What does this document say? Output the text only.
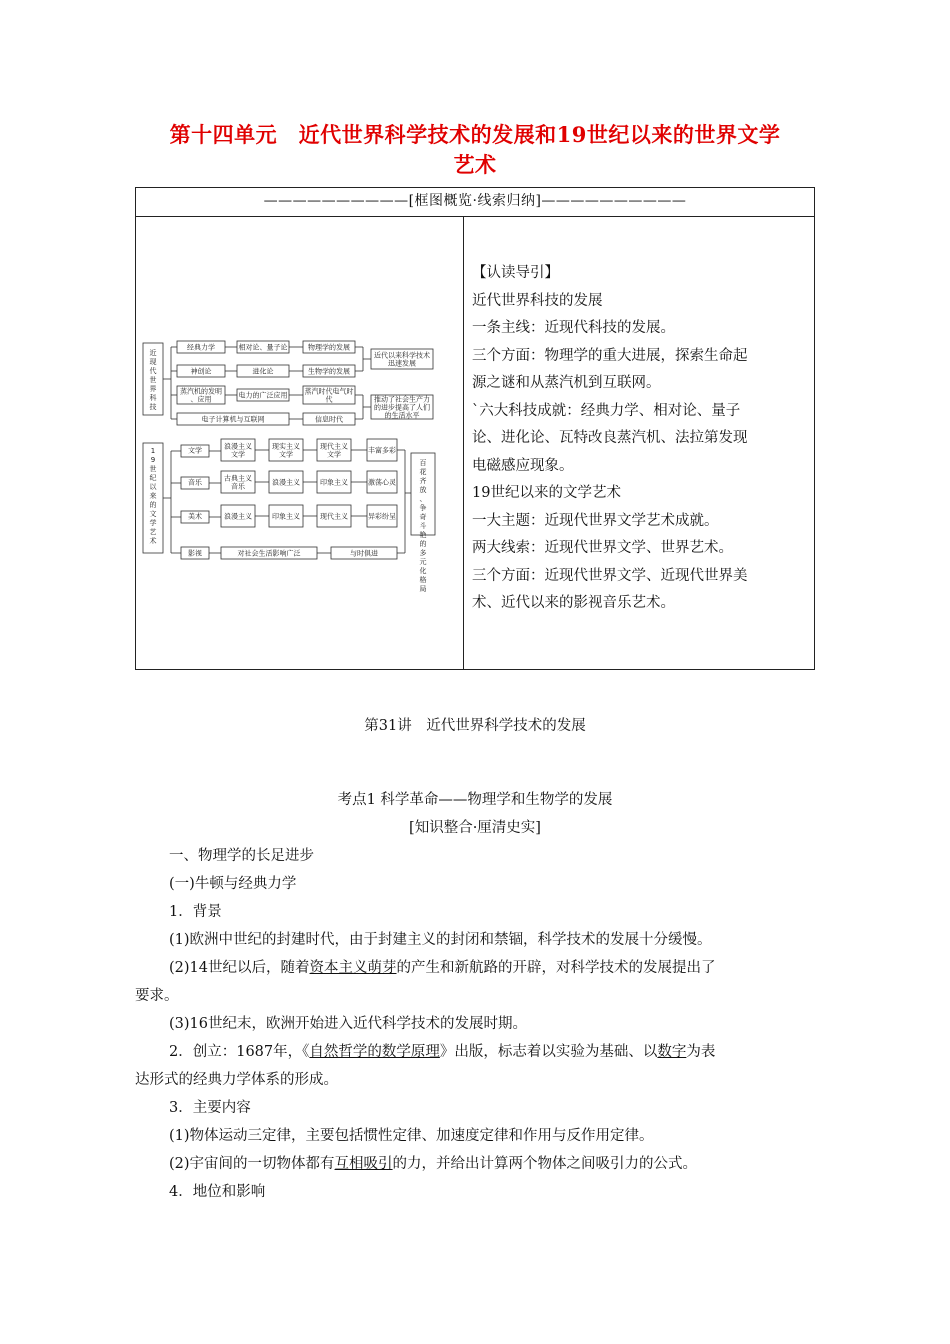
第十四单元　近代世界科学技术的发展和19世纪以来的世界文学
艺术
——————————[框图概览·线索归纳]——————————
近现代世界科技
1 9 世纪以来的文学艺术
经典力学	相对论、量子论	物理学的发展
神创论	进化论	生物学的发展
蒸汽机的发明、应用	电力的广泛应用 蒸汽时代电气时代
电子计算机与互联网	信息时代
近代以来科学技术迅速发展
推动了社会生产力的进步提高了人们的生活水平
文学	浪漫主义文学
现实主义文学
现代主义文学	丰富多彩
音乐	古典主义音乐	浪漫主义	印象主义	激荡心灵
美术	浪漫主义	印象主义	现代主义	异彩纷呈
影视	对社会生活影响广泛	与时俱进
百花齐放、争奇斗艳的多元化格局
【认读导引】
近代世界科技的发展
一条主线：近现代科技的发展。
三个方面：物理学的重大进展，探索生命起
源之谜和从蒸汽机到互联网。
`六大科技成就：经典力学、相对论、量子
论、进化论、瓦特改良蒸汽机、法拉第发现
电磁感应现象。
19世纪以来的文学艺术
一大主题：近现代世界文学艺术成就。
两大线索：近现代世界文学、世界艺术。
三个方面：近现代世界文学、近现代世界美
术、近代以来的影视音乐艺术。
第31讲　近代世界科学技术的发展
考点1 科学革命——物理学和生物学的发展
[知识整合·厘清史实]
一、物理学的长足进步
(一)牛顿与经典力学
1．背景
(1)欧洲中世纪的封建时代，由于封建主义的封闭和禁锢，科学技术的发展十分缓慢。
(2)14世纪以后，随着资本主义萌芽的产生和新航路的开辟，对科学技术的发展提出了
要求。
(3)16世纪末，欧洲开始进入近代科学技术的发展时期。
2．创立：1687年，《自然哲学的数学原理》出版，标志着以实验为基础、以数字为表
达形式的经典力学体系的形成。
3．主要内容
(1)物体运动三定律，主要包括惯性定律、加速度定律和作用与反作用定律。
(2)宇宙间的一切物体都有互相吸引的力，并给出计算两个物体之间吸引力的公式。
4．地位和影响
